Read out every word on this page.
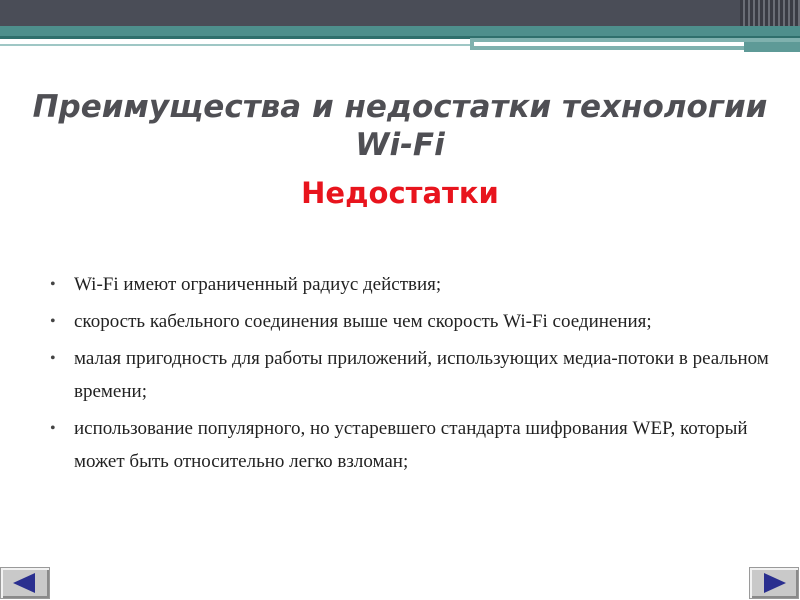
Преимущества и недостатки технологии Wi-Fi
Недостатки
• Wi-Fi имеют ограниченный радиус действия;
• скорость кабельного соединения выше чем скорость Wi-Fi соединения;
• малая пригодность для работы приложений, использующих медиа-потоки в реальном времени;
• использование популярного, но устаревшего стандарта шифрования WEP, который может быть относительно легко взломан;
